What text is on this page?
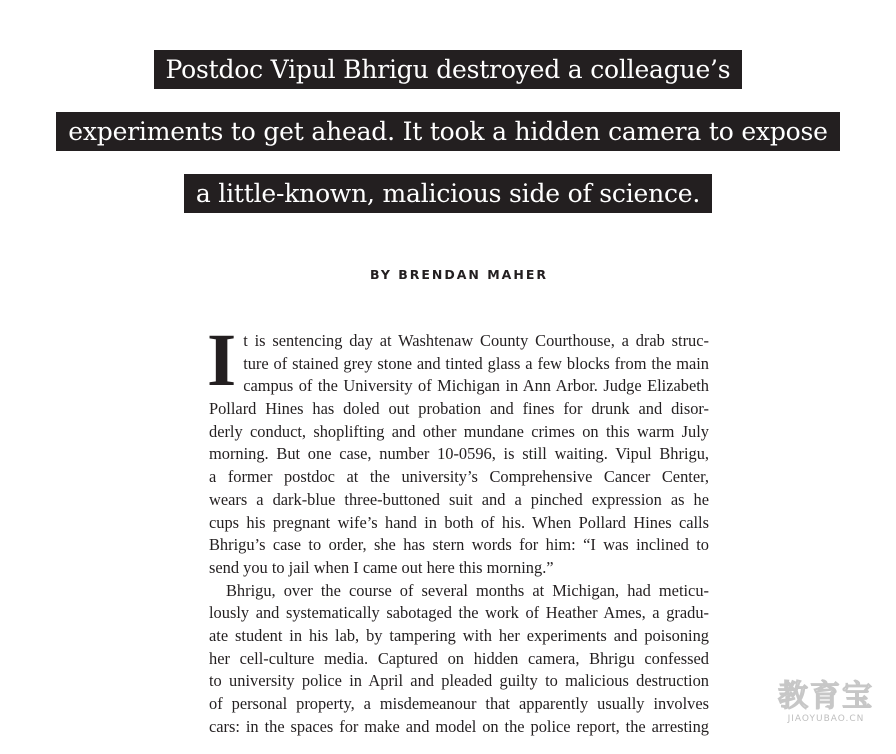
Postdoc Vipul Bhrigu destroyed a colleague’s
experiments to get ahead. It took a hidden camera to expose
a little-known, malicious side of science.
BY BRENDAN MAHER
I t is sentencing day at Washtenaw County Courthouse, a drab struc-
ture of stained grey stone and tinted glass a few blocks from the main
campus of the University of Michigan in Ann Arbor. Judge Elizabeth
Pollard Hines has doled out probation and fines for drunk and disor-
derly conduct, shoplifting and other mundane crimes on this warm July
morning. But one case, number 10-0596, is still waiting. Vipul Bhrigu,
a former postdoc at the university’s Comprehensive Cancer Center,
wears a dark-blue three-buttoned suit and a pinched expression as he
cups his pregnant wife’s hand in both of his. When Pollard Hines calls
Bhrigu’s case to order, she has stern words for him: “I was inclined to
send you to jail when I came out here this morning.”
Bhrigu, over the course of several months at Michigan, had meticu-
lously and systematically sabotaged the work of Heather Ames, a gradu-
ate student in his lab, by tampering with her experiments and poisoning
her cell-culture media. Captured on hidden camera, Bhrigu confessed
to university police in April and pleaded guilty to malicious destruction
of personal property, a misdemeanour that apparently usually involves
cars: in the spaces for make and model on the police report, the arresting
教育宝
JIAOYUBAO.CN
